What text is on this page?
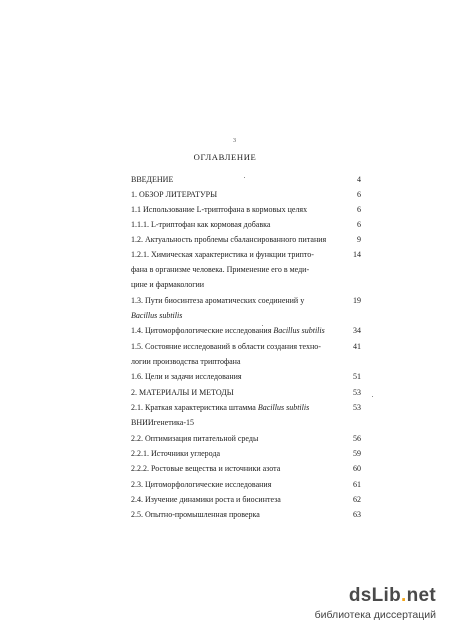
3
ОГЛАВЛЕНИЕ
ВВЕДЕНИЕ	4
1. ОБЗОР ЛИТЕРАТУРЫ	6
1.1 Использование L-триптофана в кормовых целях	6
1.1.1. L-триптофан как кормовая добавка	6
1.2. Актуальность проблемы сбалансированного питания	9
1.2.1. Химическая характеристика и функции трипто-	14
фана в организме человека. Применение его в меди-
цине и фармакологии
1.3. Пути биосинтеза ароматических соединений у	19
Bacillus subtilis
1.4. Цитоморфологические исследования Bacillus subtilis	34
1.5. Состояние исследований в области создания техно-	41
логии производства триптофана
1.6. Цели и задачи исследования	51
2. МАТЕРИАЛЫ И МЕТОДЫ	53
2.1. Краткая характеристика штамма Bacillus subtilis	53
ВНИИгенетика-15
2.2. Оптимизация питательной среды	56
2.2.1. Источники углерода	59
2.2.2. Ростовые вещества и источники азота	60
2.3. Цитоморфологические исследования	61
2.4. Изучение динамики роста и биосинтеза	62
2.5. Опытно-промышленная проверка	63
dsLib.net
библиотека диссертаций
